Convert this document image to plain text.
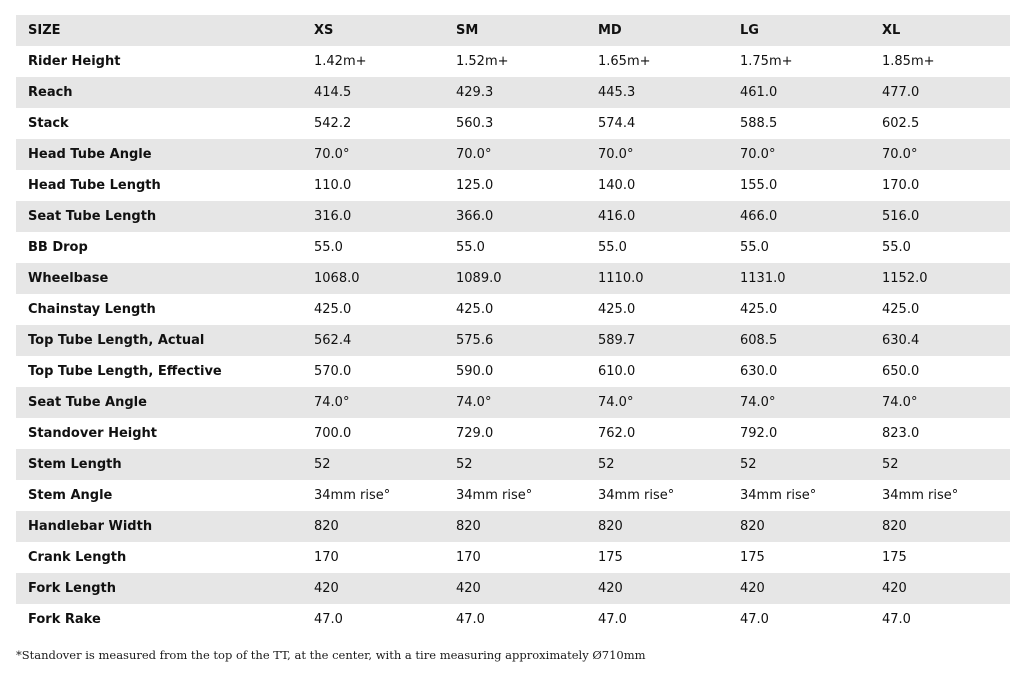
SIZE	XS	SM	MD	LG	XL
Rider Height	1.42m+	1.52m+	1.65m+	1.75m+	1.85m+
Reach	414.5	429.3	445.3	461.0	477.0
Stack	542.2	560.3	574.4	588.5	602.5
Head Tube Angle	70.0°	70.0°	70.0°	70.0°	70.0°
Head Tube Length	110.0	125.0	140.0	155.0	170.0
Seat Tube Length	316.0	366.0	416.0	466.0	516.0
BB Drop	55.0	55.0	55.0	55.0	55.0
Wheelbase	1068.0	1089.0	1110.0	1131.0	1152.0
Chainstay Length	425.0	425.0	425.0	425.0	425.0
Top Tube Length, Actual	562.4	575.6	589.7	608.5	630.4
Top Tube Length, Effective	570.0	590.0	610.0	630.0	650.0
Seat Tube Angle	74.0°	74.0°	74.0°	74.0°	74.0°
Standover Height	700.0	729.0	762.0	792.0	823.0
Stem Length	52	52	52	52	52
Stem Angle	34mm rise°	34mm rise°	34mm rise°	34mm rise°	34mm rise°
Handlebar Width	820	820	820	820	820
Crank Length	170	170	175	175	175
Fork Length	420	420	420	420	420
Fork Rake	47.0	47.0	47.0	47.0	47.0
*Standover is measured from the top of the TT, at the center, with a tire measuring approximately Ø710mm
